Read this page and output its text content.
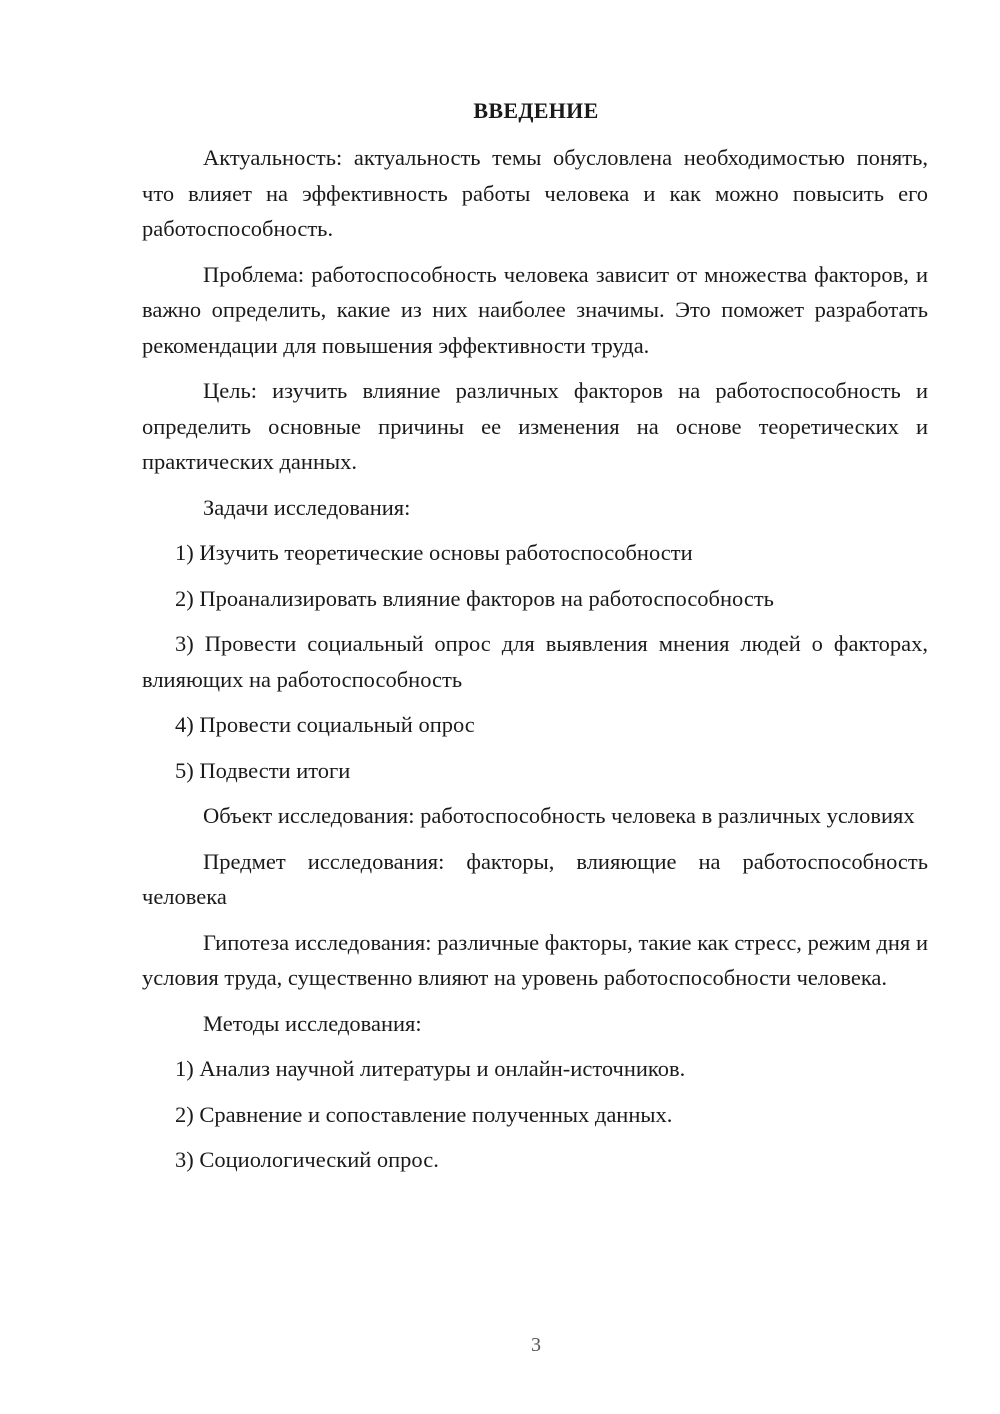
ВВЕДЕНИЕ

Актуальность: актуальность темы обусловлена необходимостью понять, что влияет на эффективность работы человека и как можно повысить его работоспособность.

Проблема: работоспособность человека зависит от множества факторов, и важно определить, какие из них наиболее значимы. Это поможет разработать рекомендации для повышения эффективности труда.

Цель: изучить влияние различных факторов на работоспособность и определить основные причины ее изменения на основе теоретических и практических данных.

Задачи исследования:

1) Изучить теоретические основы работоспособности

2) Проанализировать влияние факторов на работоспособность

3) Провести социальный опрос для выявления мнения людей о факторах, влияющих на работоспособность

4) Провести социальный опрос

5) Подвести итоги

Объект исследования: работоспособность человека в различных условиях

Предмет исследования: факторы, влияющие на работоспособность человека

Гипотеза исследования: различные факторы, такие как стресс, режим дня и условия труда, существенно влияют на уровень работоспособности человека.

Методы исследования:

1) Анализ научной литературы и онлайн-источников.

2) Сравнение и сопоставление полученных данных.

3) Социологический опрос.

3
